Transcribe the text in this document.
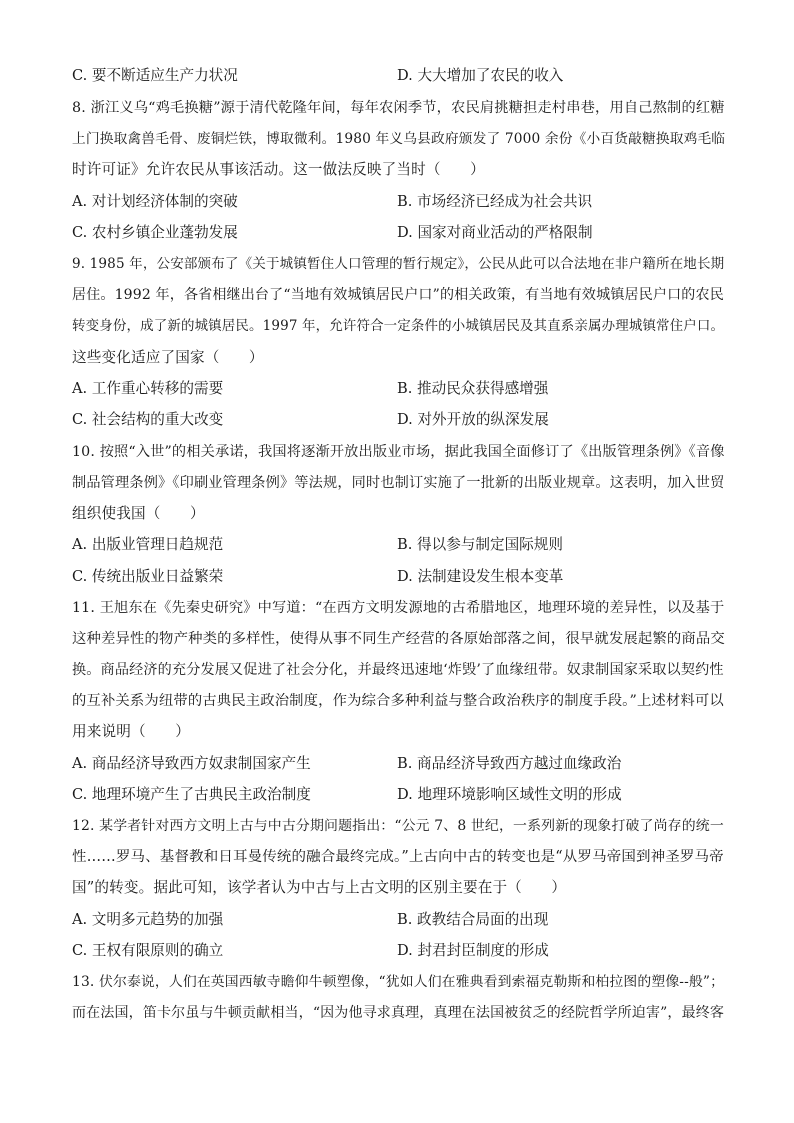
C. 要不断适应生产力状况	D. 大大增加了农民的收入
8. 浙江义乌“鸡毛换糖”源于清代乾隆年间，每年农闲季节，农民肩挑糖担走村串巷，用自己熬制的红糖
上门换取禽兽毛骨、废铜烂铁，博取微利。1980 年义乌县政府颁发了 7000 余份《小百货敲糖换取鸡毛临
时许可证》允许农民从事该活动。这一做法反映了当时（　　）
A. 对计划经济体制的突破	B. 市场经济已经成为社会共识
C. 农村乡镇企业蓬勃发展	D. 国家对商业活动的严格限制
9. 1985 年，公安部颁布了《关于城镇暂住人口管理的暂行规定》，公民从此可以合法地在非户籍所在地长期
居住。1992 年，各省相继出台了“当地有效城镇居民户口”的相关政策，有当地有效城镇居民户口的农民
转变身份，成了新的城镇居民。1997 年，允许符合一定条件的小城镇居民及其直系亲属办理城镇常住户口。
这些变化适应了国家（　　）
A. 工作重心转移的需要	B. 推动民众获得感增强
C. 社会结构的重大改变	D. 对外开放的纵深发展
10. 按照“入世”的相关承诺，我国将逐渐开放出版业市场，据此我国全面修订了《出版管理条例》《音像
制品管理条例》《印刷业管理条例》等法规，同时也制订实施了一批新的出版业规章。这表明，加入世贸
组织使我国（　　）
A. 出版业管理日趋规范	B. 得以参与制定国际规则
C. 传统出版业日益繁荣	D. 法制建设发生根本变革
11. 王旭东在《先秦史研究》中写道：“在西方文明发源地的古希腊地区，地理环境的差异性，以及基于
这种差异性的物产种类的多样性，使得从事不同生产经营的各原始部落之间，很早就发展起繁的商品交
换。商品经济的充分发展又促进了社会分化，并最终迅速地‘炸毁’了血缘纽带。奴隶制国家采取以契约性
的互补关系为纽带的古典民主政治制度，作为综合多种利益与整合政治秩序的制度手段。”上述材料可以
用来说明（　　）
A. 商品经济导致西方奴隶制国家产生	B. 商品经济导致西方越过血缘政治
C. 地理环境产生了古典民主政治制度	D. 地理环境影响区域性文明的形成
12. 某学者针对西方文明上古与中古分期问题指出：“公元 7、8 世纪，一系列新的现象打破了尚存的统一
性……罗马、基督教和日耳曼传统的融合最终完成。”上古向中古的转变也是“从罗马帝国到神圣罗马帝
国”的转变。据此可知，该学者认为中古与上古文明的区别主要在于（　　）
A. 文明多元趋势的加强	B. 政教结合局面的出现
C. 王权有限原则的确立	D. 封君封臣制度的形成
13. 伏尔泰说，人们在英国西敏寺瞻仰牛顿塑像，“犹如人们在雅典看到索福克勒斯和柏拉图的塑像--般”；
而在法国，笛卡尔虽与牛顿贡献相当，“因为他寻求真理，真理在法国被贫乏的经院哲学所迫害”，最终客
